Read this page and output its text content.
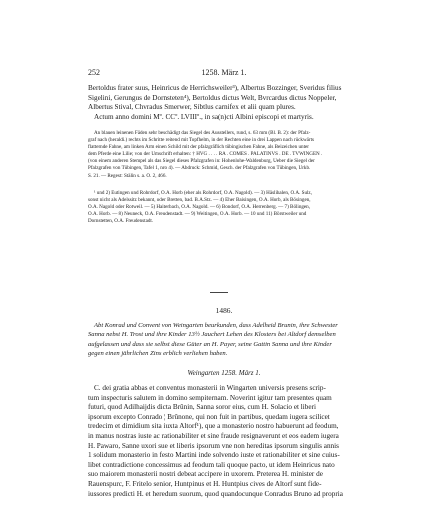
252	1258. März 1.

Bertoldus frater suus, Heinricus de Herrichsweiler³), Albertus Bozzinger, Sveridus filius

Sigelini, Gerungus de Dornsteten⁴), Bertoldus dictus Welt, Bvrcardus dictus Noppeler,

Albertus Stival, Chvradus Smerwer, Sibtlus carnifex et alii quam plures.

Actum anno domini Mº. CCº. LVIIIº., in sa(n)cti Albini episcopi et martyris.

An blauen leinenen Fäden sehr beschädigt das Siegel des Ausstellers, rund, s. 63 mm (Bl. B. 2): der Pfalz-

graf nach (heraldi.) rechts im Schritte reitend mit Topfhelm, in der Rechten eine in drei Lappen nach rückwärts

flatternde Fahne, am linken Arm einen Schild mit der pfalzgräflich tübingischen Fahne, als Beizeichen unter

dem Pferde eine Lilie; von der Umschrift erhalten: † HVG . . . . RA . COMES . PALATINVS . DE . TVWINGEN .

(von einem anderen Stempel als das Siegel dieses Pfalzgrafen in: Hohenlohe-Waldenburg, Ueber die Siegel der

Pfalzgrafen von Tübingen, Tafel 1, nro 4). — Abdruck: Schmid, Gesch. der Pfalzgrafen von Tübingen, Urkb.

S. 21. — Regest: Stälin s. a. O. 2, 466.

¹ und 2) Eutingen und Rohrdorf, O.A. Horb (eher als Rohrdorf, O.A. Nagold). — 3) Häslihalen, O.A. Sulz,

sonst nicht als Adelssitz bekannt, oder Bretten, bad. B.A.Stz. — 4) Eher Baisingen, O.A. Horb, als Bösingen,

O.A. Nagold oder Rotweil. — 5) Haiterbach, O.A. Nagold. — 6) Bondorf, O.A. Herrenberg. — 7) Bölingen,

O.A. Horb. — 8) Neuneck, O.A. Freudenstadt. — 9) Weitingen, O.A. Horb. — 10 und 11) Börstweiler und

Dornstetten, O.A. Freudenstadt.

1486.

Abt Konrad und Convent von Weingarten beurkunden, dass Adelheid Brunin, ihre Schwester

Sanna nebst H. Trost und ihre Kinder 13½ Jauchert Lehen des Klosters bei Altdorf demselben

aufgelassen und dass sie selbst diese Güter an H. Payer, seine Gattin Sanna und ihre Kinder

gegen einen jährlichen Zins erblich verliehen haben.

Weingarten 1258. März 1.

C. dei gratia abbas et conventus monasterii in Wingarten universis presens scrip-

tum inspecturis salutem in domino sempiternam. Noverint igitur tam presentes quam

futuri, quod Adilhaijdis dicta Brûnin, Sanna soror eius, cum H. Solacio et liberi

ipsorum excepto Conrado ¦ Brûnone, qui non fuit in partibus, quedam iugera scilicet

tredecim et dimidium sita iuxta Altorf¹), que a monasterio nostro habuerunt ad feodum,

in manus nostras iuste ac rationabiliter et sine fraude resignaverunt et eos eadem iugera

H. Pawaro, Sanne uxori sue et liberis ipsorum vne non hereditas ipsorum singulis annis

1 solidum monasterio in festo Martini inde solvendo iuste et rationabiliter et sine cuius-

libet contradictione concessimus ad feodum tali quoque pacto, ut idem Heinricus nato

suo maiorem monasterii nostri debeat accipere in uxorem. Preterea H. minister de

Rauenspurc, F. Fritelo senior, Huntpinus et H. Huntpius cives de Altorf sunt fide-

iussores predicti H. et heredum suorum, quod quandocunque Conradus Bruno ad propria
